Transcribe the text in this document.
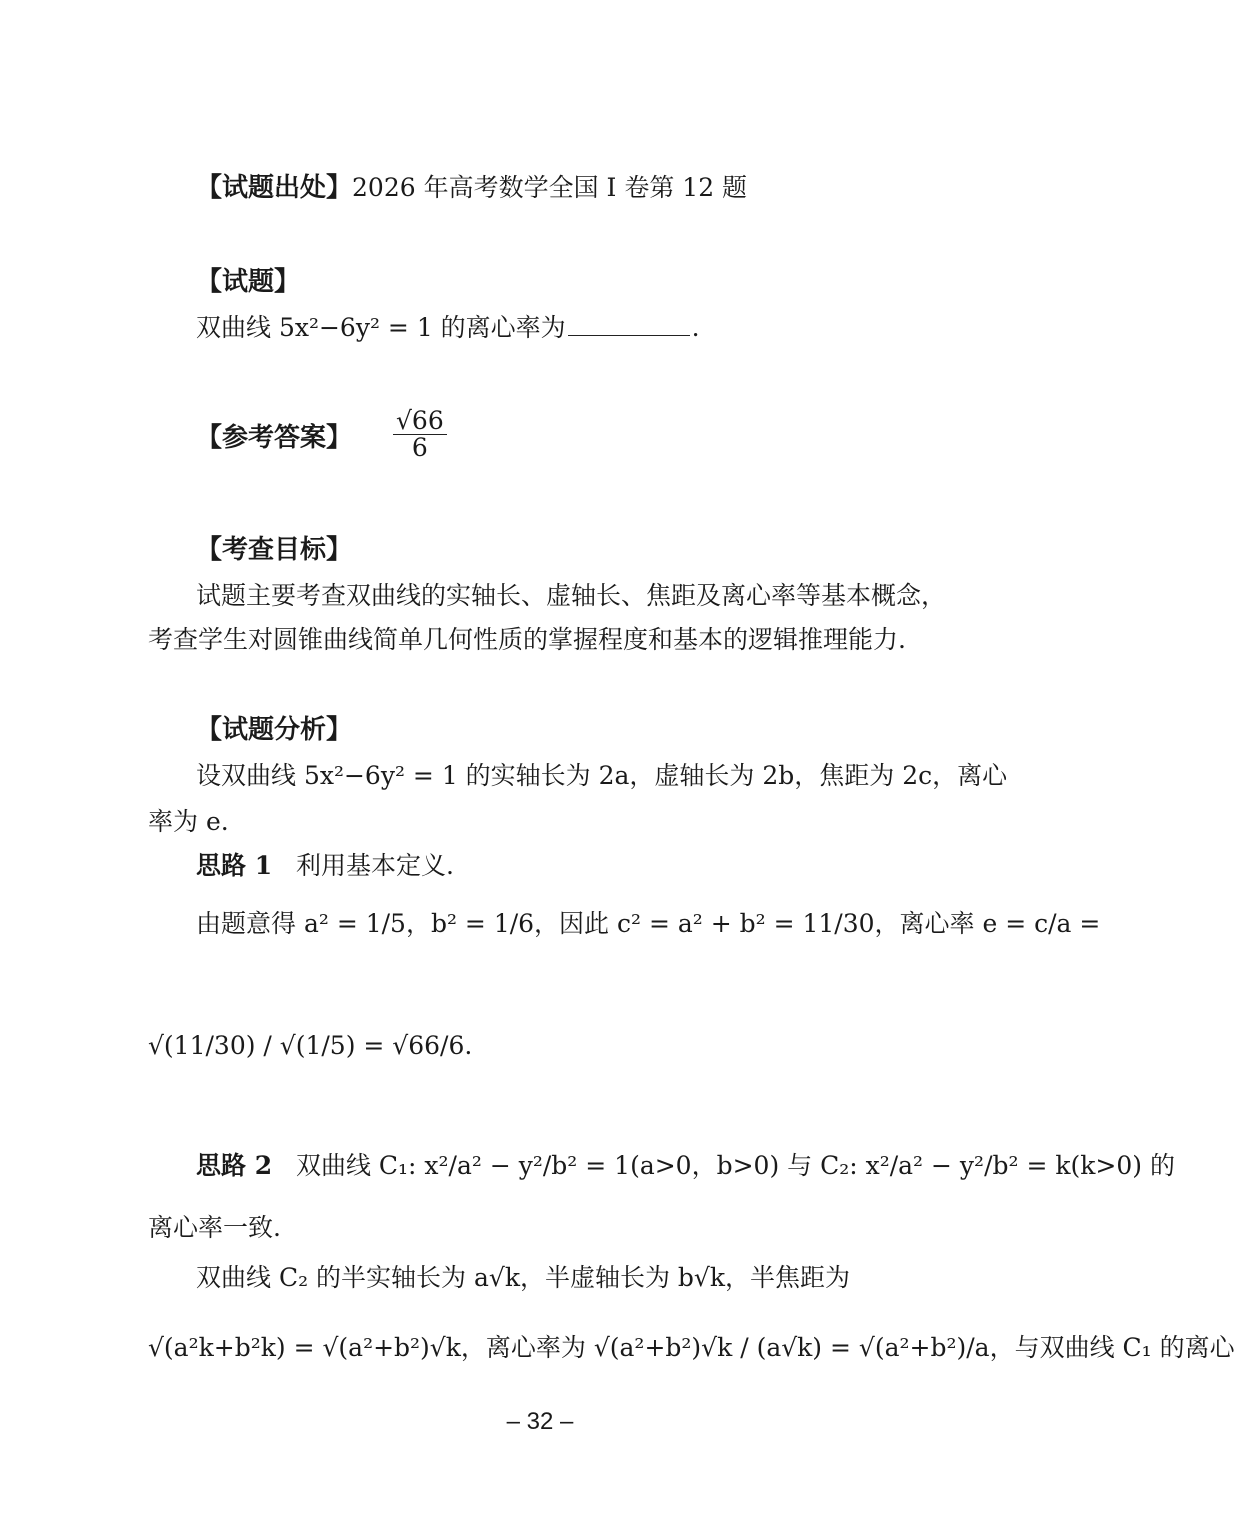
【试题出处】2026 年高考数学全国 Ⅰ 卷第 12 题
【试题】
双曲线 5x²−6y² = 1 的离心率为	.
【参考答案】 $\frac{√66}{6}$
【考查目标】
试题主要考查双曲线的实轴长、虚轴长、焦距及离心率等基本概念，
考查学生对圆锥曲线简单几何性质的掌握程度和基本的逻辑推理能力.
【试题分析】
设双曲线 5x²−6y² = 1 的实轴长为 2a，虚轴长为 2b，焦距为 2c，离心
率为 e.
思路 1 利用基本定义.
由题意得 a² = 1/5，b² = 1/6，因此 c² = a² + b² = 11/30，离心率 e = c/a =
√(11/30) / √(1/5) = √66/6.
思路 2 双曲线 C₁: x²/a² − y²/b² = 1(a>0，b>0) 与 C₂: x²/a² − y²/b² = k(k>0) 的
离心率一致.
双曲线 C₂ 的半实轴长为 a√k，半虚轴长为 b√k，半焦距为
√(a²k+b²k) = √(a²+b²)√k，离心率为 √(a²+b²)√k / (a√k) = √(a²+b²)/a，与双曲线 C₁ 的离心
– 32 –
